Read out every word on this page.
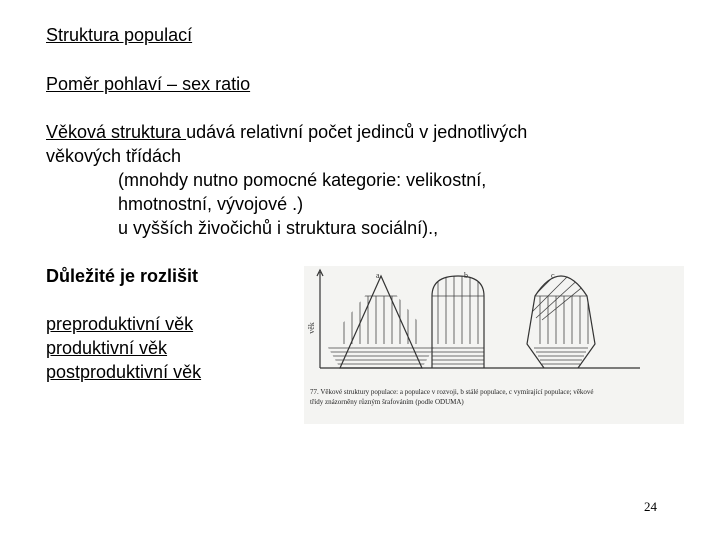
Struktura populací
Poměr pohlaví – sex ratio
Věková struktura udává relativní počet jedinců v jednotlivých
věkových třídách
(mnohdy nutno pomocné kategorie: velikostní,
hmotnostní, vývojové .)
u vyšších živočichů i struktura sociální).,
Důležité je rozlišit
preproduktivní věk
produktivní věk
postproduktivní věk
věk
a	b	c
77. Věkové struktury populace: a populace v rozvoji, b stálé populace, c vymírající populace; věkové
třídy znázorněny různým šrafováním (podle ODUMA)
24
